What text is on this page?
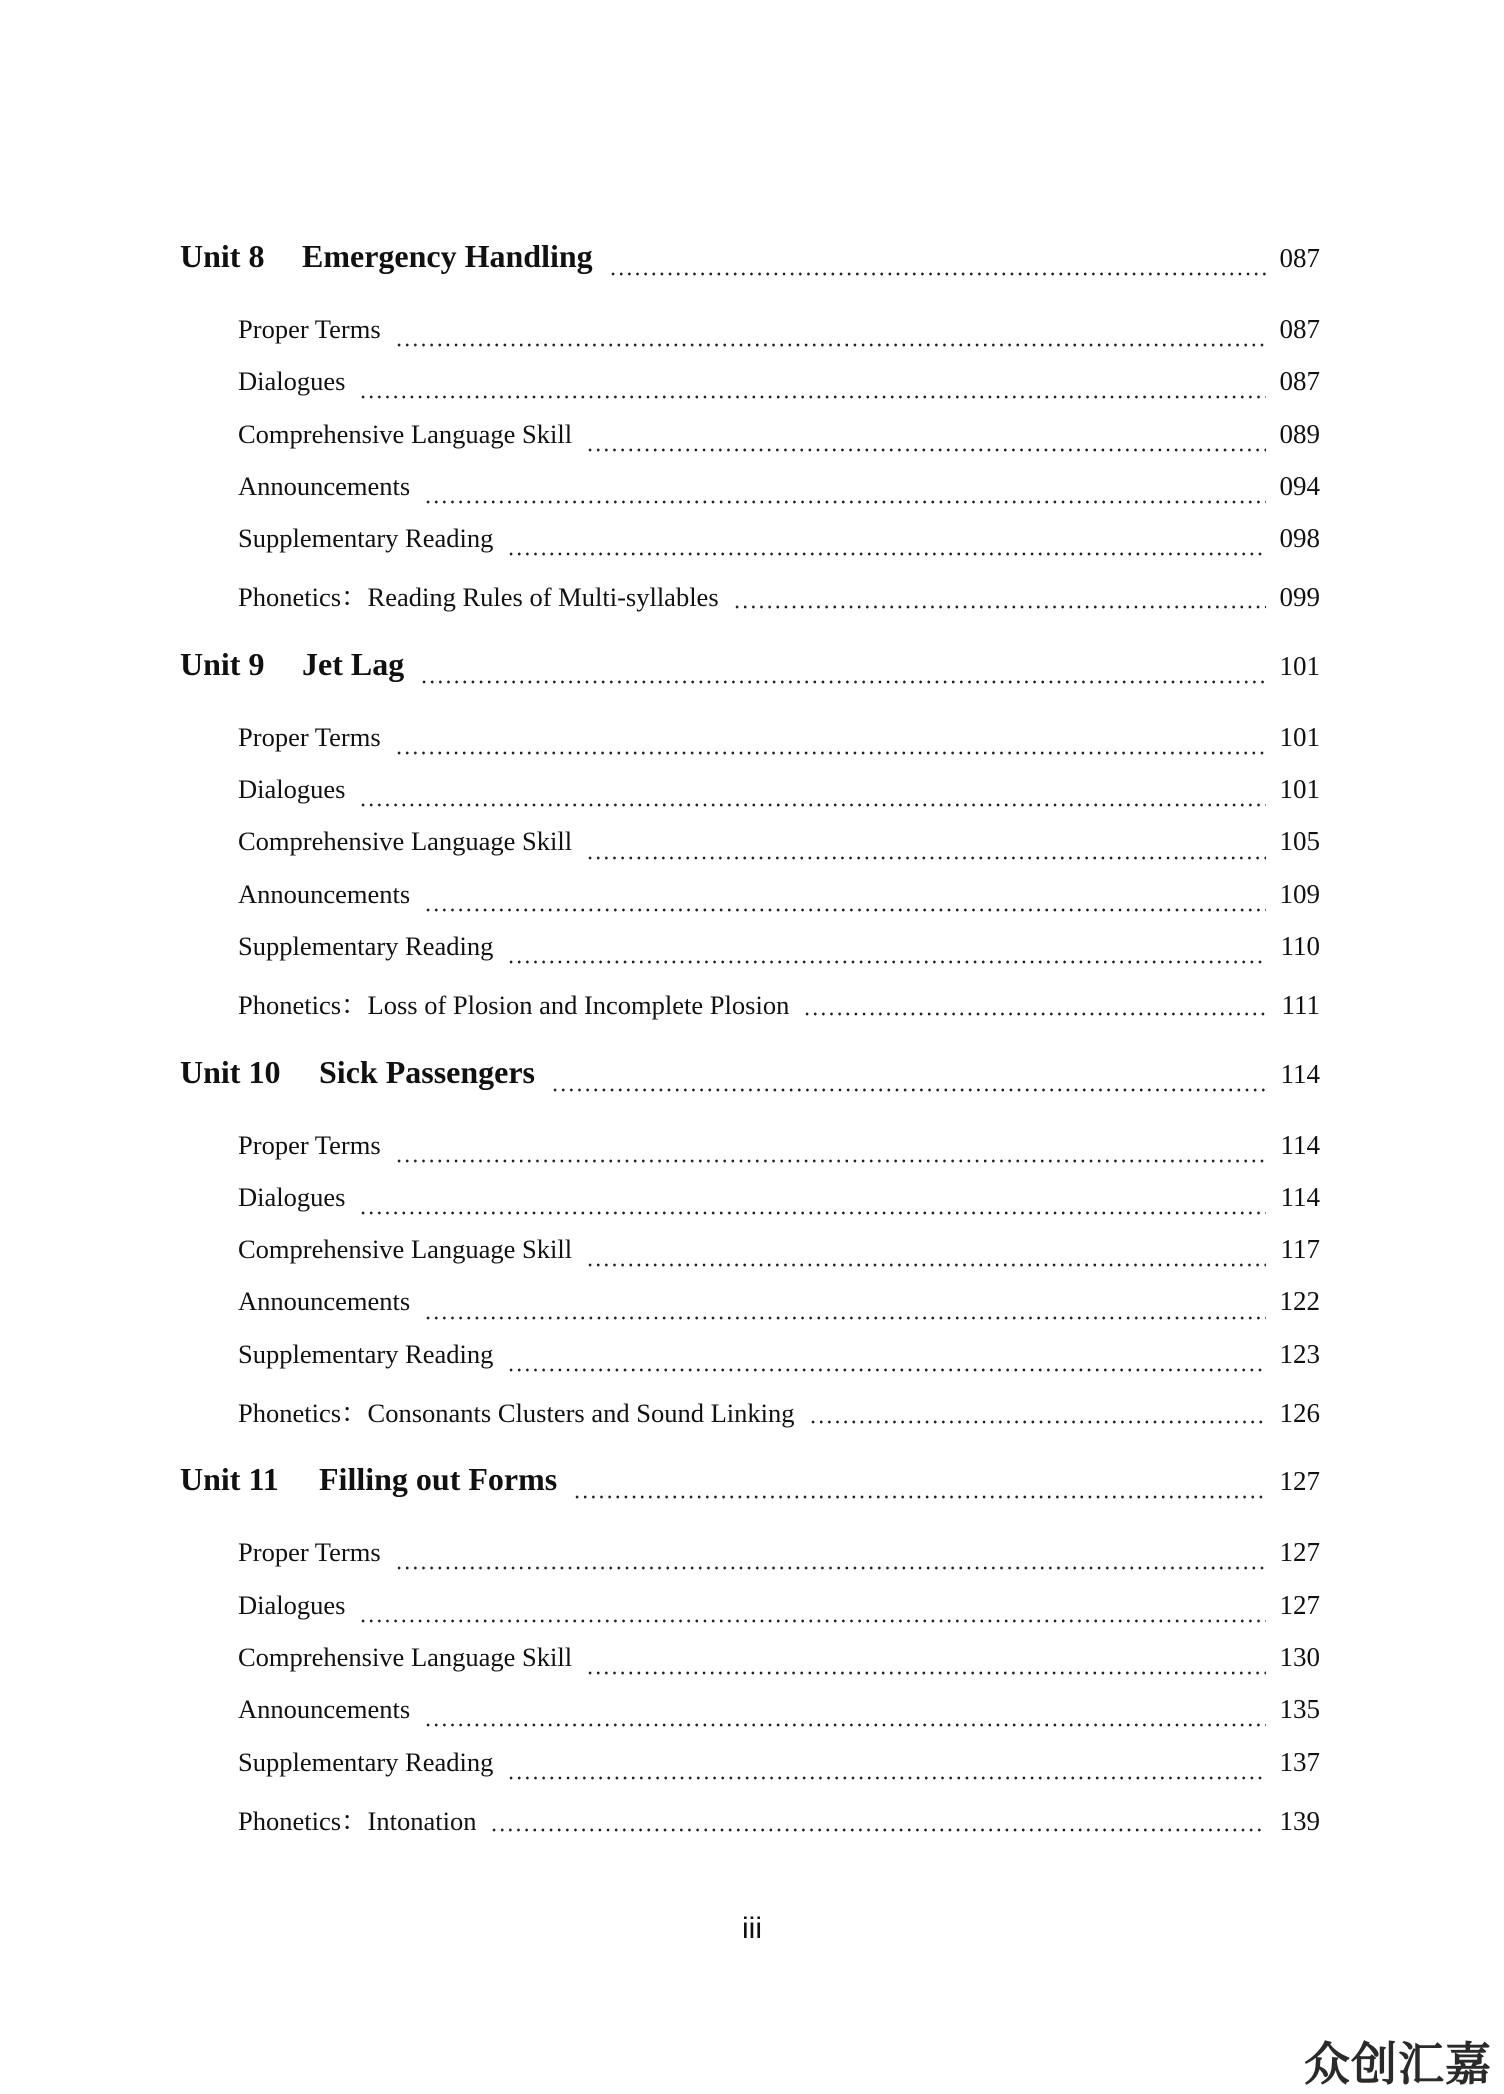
Unit 8	Emergency Handling	087
Proper Terms	087
Dialogues	087
Comprehensive Language Skill	089
Announcements	094
Supplementary Reading	098
Phonetics：Reading Rules of Multi-syllables	099
Unit 9	Jet Lag	101
Proper Terms	101
Dialogues	101
Comprehensive Language Skill	105
Announcements	109
Supplementary Reading	110
Phonetics：Loss of Plosion and Incomplete Plosion	111
Unit 10	Sick Passengers	114
Proper Terms	114
Dialogues	114
Comprehensive Language Skill	117
Announcements	122
Supplementary Reading	123
Phonetics：Consonants Clusters and Sound Linking	126
Unit 11	Filling out Forms	127
Proper Terms	127
Dialogues	127
Comprehensive Language Skill	130
Announcements	135
Supplementary Reading	137
Phonetics：Intonation	139
iii
众创汇嘉
